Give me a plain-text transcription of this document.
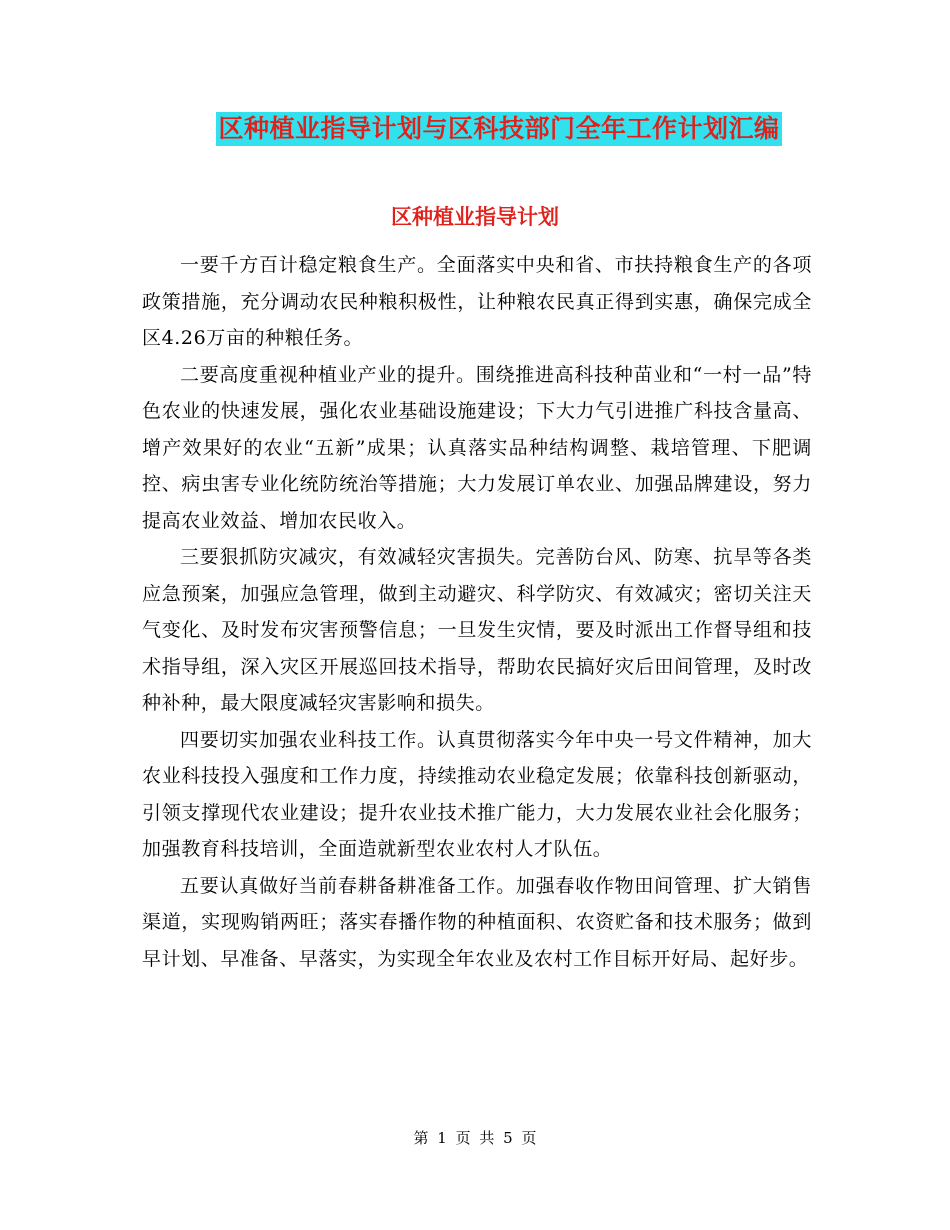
区种植业指导计划与区科技部门全年工作计划汇编
区种植业指导计划

一要千方百计稳定粮食生产。全面落实中央和省、市扶持粮食生产的各项政策措施，充分调动农民种粮积极性，让种粮农民真正得到实惠，确保完成全区4.26万亩的种粮任务。

二要高度重视种植业产业的提升。围绕推进高科技种苗业和“一村一品”特色农业的快速发展，强化农业基础设施建设；下大力气引进推广科技含量高、增产效果好的农业“五新”成果；认真落实品种结构调整、栽培管理、下肥调控、病虫害专业化统防统治等措施；大力发展订单农业、加强品牌建设，努力提高农业效益、增加农民收入。

三要狠抓防灾减灾，有效减轻灾害损失。完善防台风、防寒、抗旱等各类应急预案，加强应急管理，做到主动避灾、科学防灾、有效减灾；密切关注天气变化、及时发布灾害预警信息；一旦发生灾情，要及时派出工作督导组和技术指导组，深入灾区开展巡回技术指导，帮助农民搞好灾后田间管理，及时改种补种，最大限度减轻灾害影响和损失。

四要切实加强农业科技工作。认真贯彻落实今年中央一号文件精神，加大农业科技投入强度和工作力度，持续推动农业稳定发展；依靠科技创新驱动，引领支撑现代农业建设；提升农业技术推广能力，大力发展农业社会化服务；加强教育科技培训，全面造就新型农业农村人才队伍。

五要认真做好当前春耕备耕准备工作。加强春收作物田间管理、扩大销售渠道，实现购销两旺；落实春播作物的种植面积、农资贮备和技术服务；做到早计划、早准备、早落实，为实现全年农业及农村工作目标开好局、起好步。

第 1 页 共 5 页
